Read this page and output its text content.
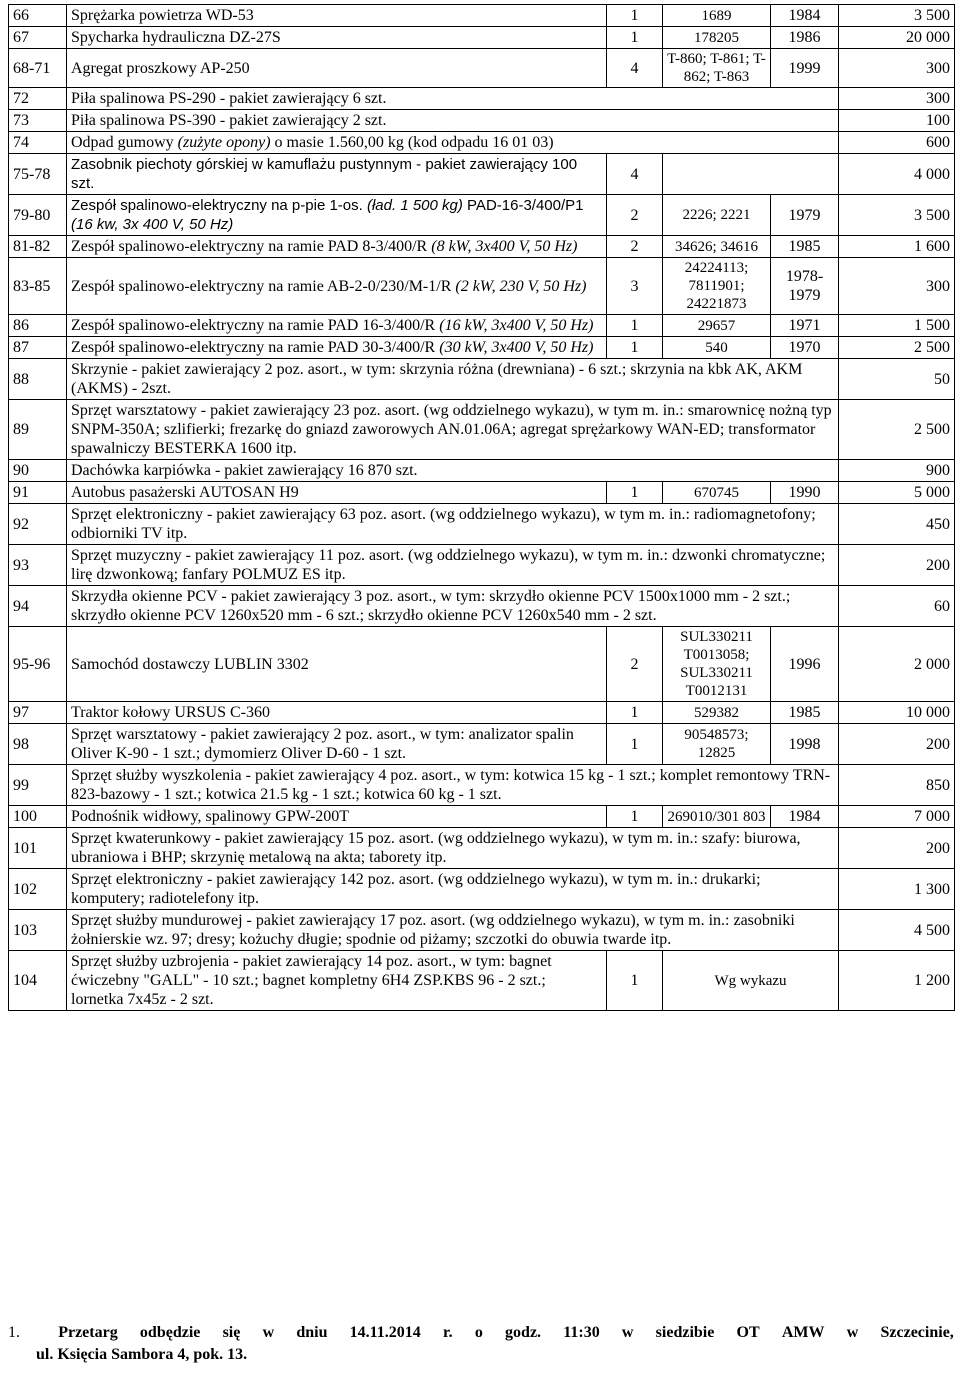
66	Sprężarka powietrza WD-53	1	1689	1984	3 500
67	Spycharka hydrauliczna DZ-27S	1	178205	1986	20 000
68-71	Agregat proszkowy AP-250	4	T-860; T-861; T-862; T-863	1999	300
72	Piła spalinowa PS-290 - pakiet zawierający 6 szt.				300
73	Piła spalinowa PS-390 - pakiet zawierający 2 szt.				100
74	Odpad gumowy (zużyte opony) o masie 1.560,00 kg (kod odpadu 16 01 03)				600
75-78	Zasobnik piechoty górskiej w kamuflażu pustynnym - pakiet zawierający 100 szt.	4			4 000
79-80	Zespół spalinowo-elektryczny na p-pie 1-os. (ład. 1 500 kg) PAD-16-3/400/P1 (16 kw, 3x 400 V, 50 Hz)	2	2226; 2221	1979	3 500
81-82	Zespół spalinowo-elektryczny na ramie PAD 8-3/400/R (8 kW, 3x400 V, 50 Hz)	2	34626; 34616	1985	1 600
83-85	Zespół spalinowo-elektryczny na ramie AB-2-0/230/M-1/R (2 kW, 230 V, 50 Hz)	3	24224113; 7811901; 24221873	1978-1979	300
86	Zespół spalinowo-elektryczny na ramie PAD 16-3/400/R (16 kW, 3x400 V, 50 Hz)	1	29657	1971	1 500
87	Zespół spalinowo-elektryczny na ramie PAD 30-3/400/R (30 kW, 3x400 V, 50 Hz)	1	540	1970	2 500
88	Skrzynie - pakiet zawierający 2 poz. asort., w tym: skrzynia różna (drewniana) - 6 szt.; skrzynia na kbk AK, AKM (AKMS) - 2szt.				50
89	Sprzęt warsztatowy - pakiet zawierający 23 poz. asort. (wg oddzielnego wykazu), w tym m. in.: smarownicę nożną typ SNPM-350A; szlifierki; frezarkę do gniazd zaworowych AN.01.06A; agregat sprężarkowy WAN-ED; transformator spawalniczy BESTERKA 1600 itp.				2 500
90	Dachówka karpiówka - pakiet zawierający 16 870 szt.				900
91	Autobus pasażerski AUTOSAN H9	1	670745	1990	5 000
92	Sprzęt elektroniczny - pakiet zawierający 63 poz. asort. (wg oddzielnego wykazu), w tym m. in.: radiomagnetofony; odbiorniki TV itp.				450
93	Sprzęt muzyczny - pakiet zawierający 11 poz. asort. (wg oddzielnego wykazu), w tym m. in.: dzwonki chromatyczne; lirę dzwonkową; fanfary POLMUZ ES itp.				200
94	Skrzydła okienne PCV - pakiet zawierający 3 poz. asort., w tym: skrzydło okienne PCV 1500x1000 mm - 2 szt.; skrzydło okienne PCV 1260x520 mm - 6 szt.; skrzydło okienne PCV 1260x540 mm - 2 szt.				60
95-96	Samochód dostawczy LUBLIN 3302	2	SUL330211 T0013058; SUL330211 T0012131	1996	2 000
97	Traktor kołowy URSUS C-360	1	529382	1985	10 000
98	Sprzęt warsztatowy - pakiet zawierający 2 poz. asort., w tym: analizator spalin Oliver K-90 - 1 szt.; dymomierz Oliver D-60 - 1 szt.	1	90548573; 12825	1998	200
99	Sprzęt służby wyszkolenia - pakiet zawierający 4 poz. asort., w tym: kotwica 15 kg - 1 szt.; komplet remontowy TRN-823-bazowy - 1 szt.; kotwica 21.5 kg - 1 szt.; kotwica 60 kg - 1 szt.				850
100	Podnośnik widłowy, spalinowy GPW-200T	1	269010/301 803	1984	7 000
101	Sprzęt kwaterunkowy - pakiet zawierający 15 poz. asort. (wg oddzielnego wykazu), w tym m. in.: szafy: biurowa, ubraniowa i BHP; skrzynię metalową na akta; taborety itp.				200
102	Sprzęt elektroniczny - pakiet zawierający 142 poz. asort. (wg oddzielnego wykazu), w tym m. in.: drukarki; komputery; radiotelefony itp.				1 300
103	Sprzęt służby mundurowej - pakiet zawierający 17 poz. asort. (wg oddzielnego wykazu), w tym m. in.: zasobniki żołnierskie wz. 97; dresy; kożuchy długie; spodnie od piżamy; szczotki do obuwia twarde itp.				4 500
104	Sprzęt służby uzbrojenia - pakiet zawierający 14 poz. asort., w tym: bagnet ćwiczebny "GALL" - 10 szt.; bagnet kompletny 6H4 ZSP.KBS 96 - 2 szt.; lornetka 7x45z - 2 szt.	1	Wg wykazu		1 200
1.	Przetarg odbędzie się w dniu 14.11.2014 r. o godz. 11:30 w siedzibie OT AMW w Szczecinie,
ul. Księcia Sambora 4, pok. 13.
